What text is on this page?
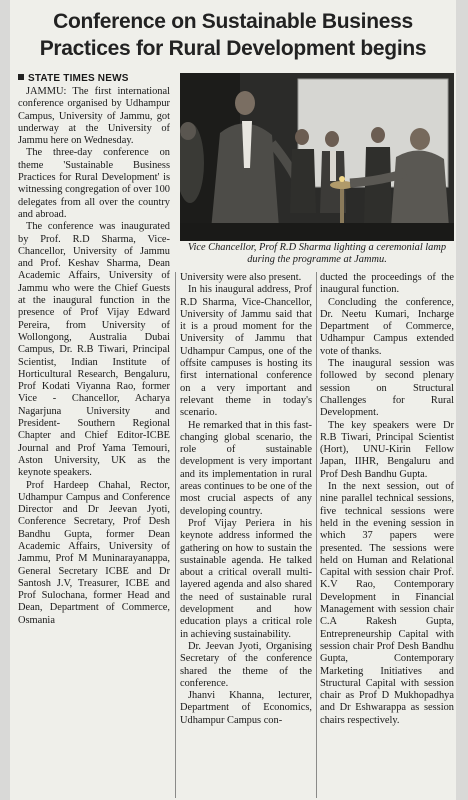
Conference on Sustainable Business
Practices for Rural Development begins
STATE TIMES NEWS

JAMMU: The first international conference organised by Udhampur Campus, University of Jammu, got underway at the University of Jammu here on Wednesday.

The three-day conference on theme 'Sustainable Business Practices for Rural Development' is witnessing congregation of over 100 delegates from all over the country and abroad.

The conference was inaugurated by Prof. R.D Sharma, Vice-Chancellor, University of Jammu and Prof. Keshav Sharma, Dean Academic Affairs, University of Jammu who were the Chief Guests at the inaugural function in the presence of Prof Vijay Edward Pereira, from University of Wollongong, Australia Dubai Campus, Dr. R.B Tiwari, Principal Scientist, Indian Institute of Horticultural Research, Bengaluru, Prof Kodati Viyanna Rao, former Vice - Chancellor, Acharya Nagarjuna University and President- Southern Regional Chapter and Chief Editor-ICBE Journal and Prof Yama Temouri, Aston University, UK as the keynote speakers.

Prof Hardeep Chahal, Rector, Udhampur Campus and Conference Director and Dr Jeevan Jyoti, Conference Secretary, Prof Desh Bandhu Gupta, former Dean Academic Affairs, University of Jammu, Prof M Muninarayanappa, General Secretary ICBE and Dr Santosh J.V, Treasurer, ICBE and Prof Sulochana, former Head and Dean, Department of Commerce, Osmania

Vice Chancellor, Prof R.D Sharma lighting a ceremonial lamp during the programme at Jammu.

University were also present.

In his inaugural address, Prof R.D Sharma, Vice-Chancellor, University of Jammu said that it is a proud moment for the University of Jammu that Udhampur Campus, one of the offsite campuses is hosting its first international conference on a very important and relevant theme in today's scenario.

He remarked that in this fast-changing global scenario, the role of sustainable development is very important and its implementation in rural areas continues to be one of the most crucial aspects of any developing country.

Prof Vijay Periera in his keynote address informed the gathering on how to sustain the sustainable agenda. He talked about a critical overall multi-layered agenda and also shared the need of sustainable rural development and how education plays a critical role in achieving sustainability.

Dr. Jeevan Jyoti, Organising Secretary of the conference shared the theme of the conference.

Jhanvi Khanna, lecturer, Department of Economics, Udhampur Campus con-

ducted the proceedings of the inaugural function.

Concluding the conference, Dr. Neetu Kumari, Incharge Department of Commerce, Udhampur Campus extended vote of thanks.

The inaugural session was followed by second plenary session on Structural Challenges for Rural Development.

The key speakers were Dr R.B Tiwari, Principal Scientist (Hort), UNU-Kirin Fellow Japan, IIHR, Bengaluru and Prof Desh Bandhu Gupta.

In the next session, out of nine parallel technical sessions, five technical sessions were held in the evening session in which 37 papers were presented. The sessions were held on Human and Relational Capital with session chair Prof. K.V Rao, Contemporary Development in Financial Management with session chair C.A Rakesh Gupta, Entrepreneurship Capital with session chair Prof Desh Bandhu Gupta, Contemporary Marketing Initiatives and Structural Capital with session chair as Prof D Mukhopadhya and Dr Eshwarappa as session chairs respectively.
